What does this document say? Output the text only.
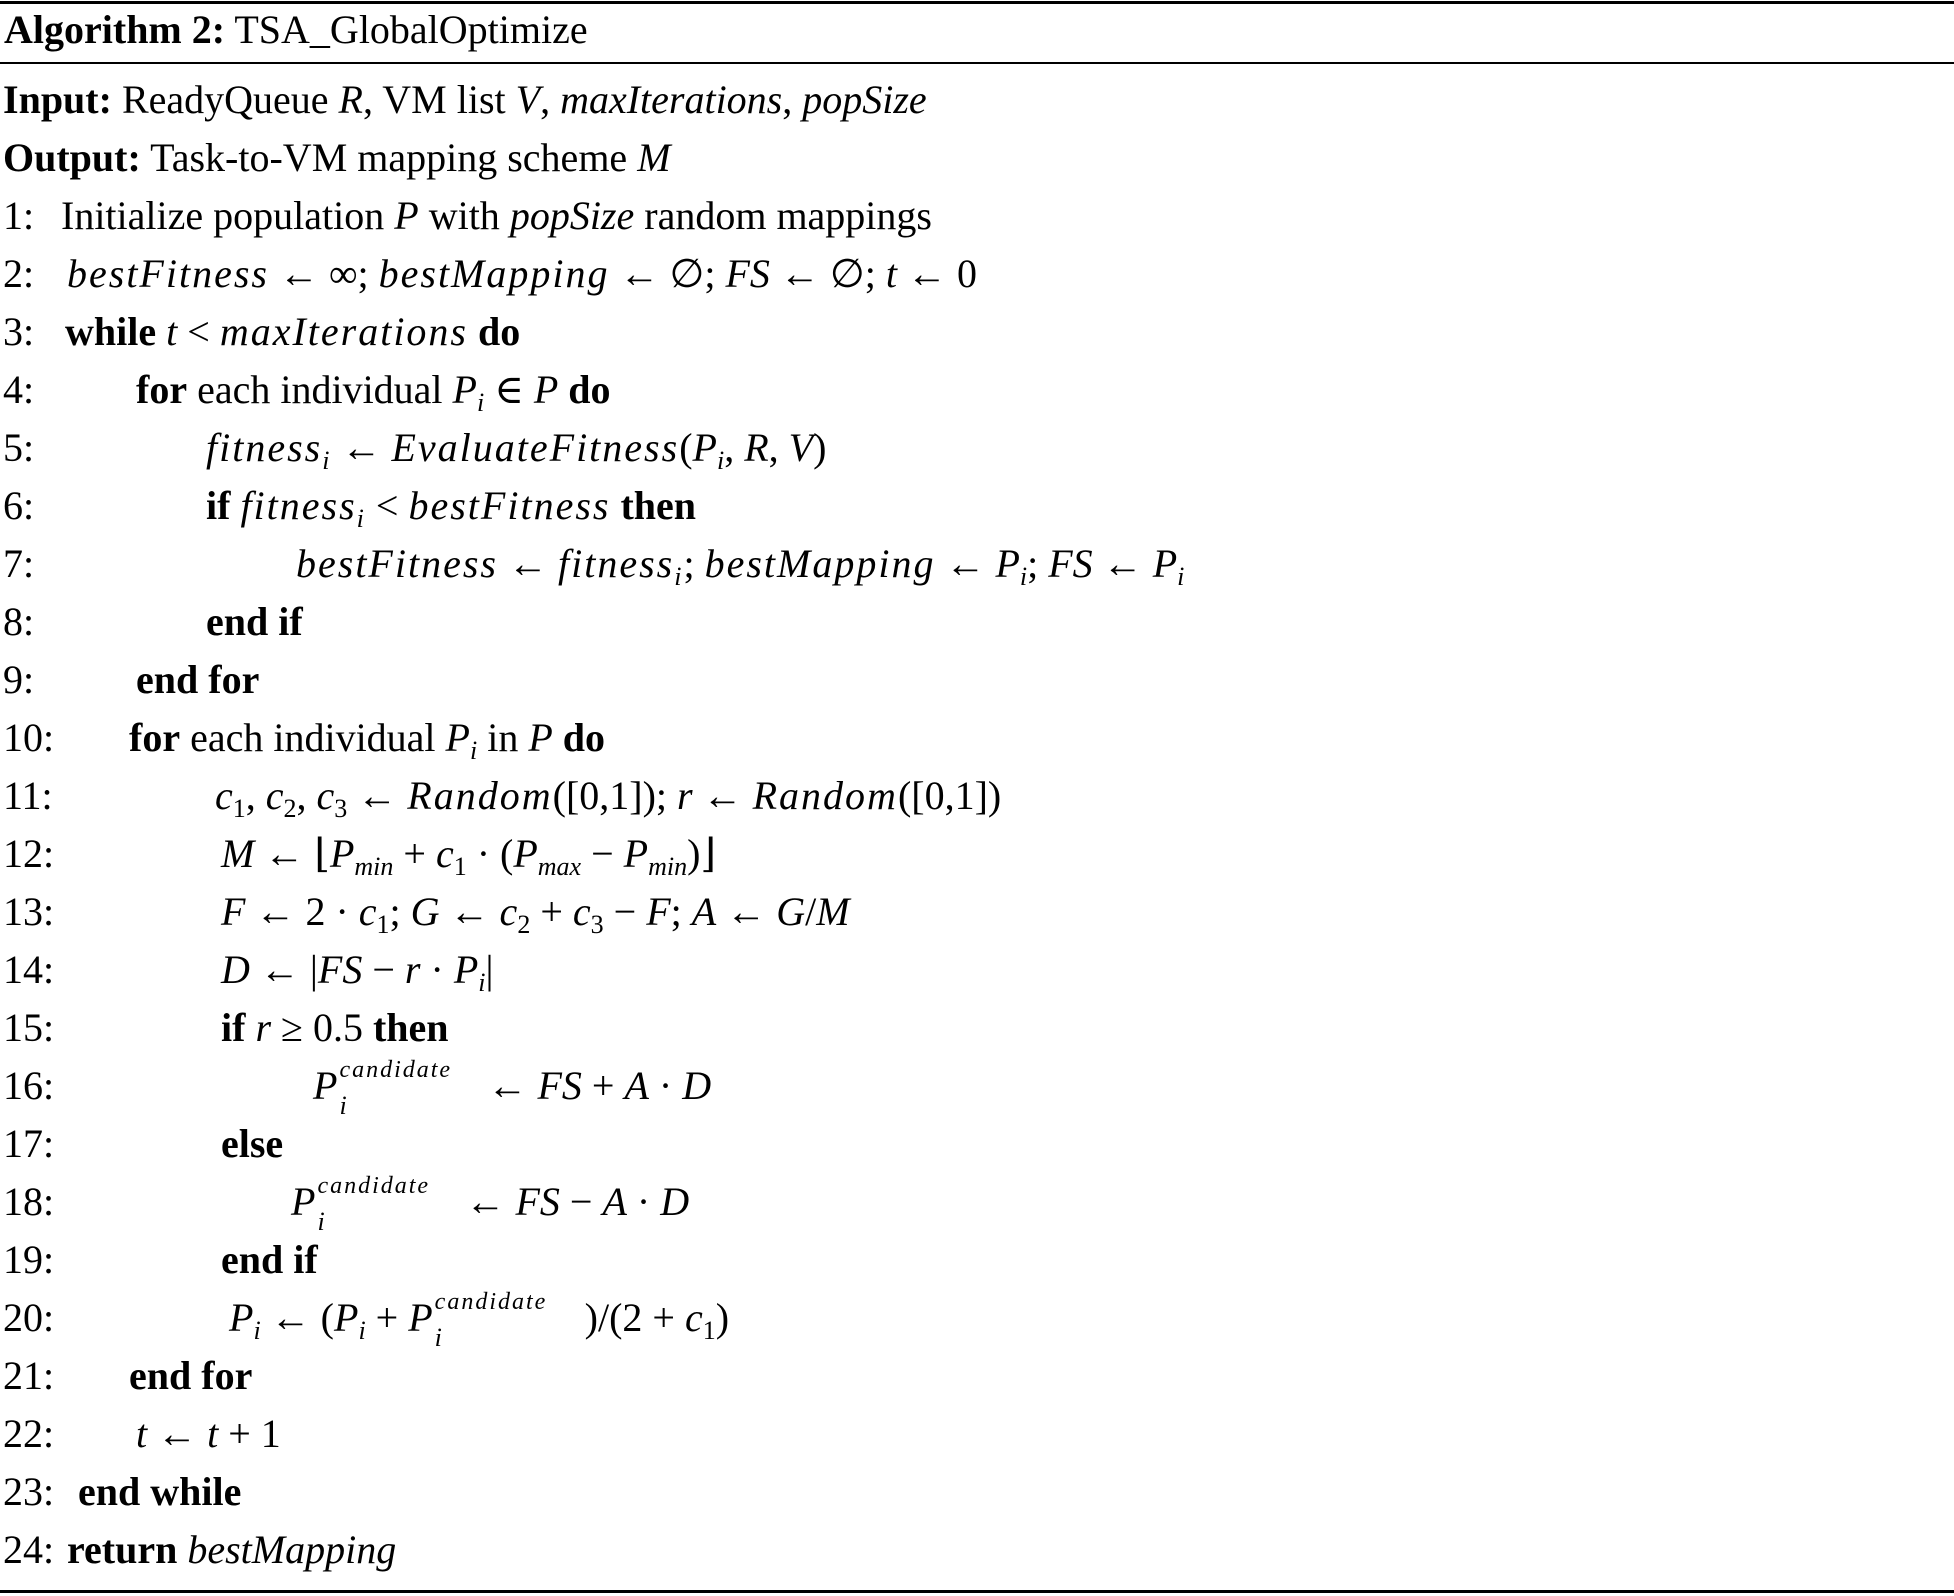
Algorithm 2: TSA_GlobalOptimize
Input: ReadyQueue R, VM list V, maxIterations, popSize
Output: Task-to-VM mapping scheme M
1: Initialize population P with popSize random mappings
2: bestFitness ← ∞; bestMapping ← ∅; FS ← ∅; t ← 0
3: while t < maxIterations do
4:	for each individual $P_i$ ∈ P do
5:	fitness$_i$ ← $EvaluateFitness(P_i$, R, V)
6:	if fitness$_i$ < bestFitness then
7:	bestFitness ← fitness$_i$; bestMapping ← $P_i$; FS ← $P_i$
8:	end if
9:	end for
10: for each individual $P_i$ in P do
11:	$c_1$, $c_2$, $c_3$ ← Random([0,1]); r ← Random([0,1])
12:	M ← $⌊P_{min} + c_1 \cdot (P_{max}$ − $P_{min})⌋$
13:	F ← $2 \cdot c_1$; G ← $c_2 + c_3 - F$; A ← G/M
14:	D ← $|FS - r \cdot P_i|$
15:	if r ≥ 0.5 then
16:	P candidate
i	← FS + A · D
17:	else
18:	P candidate
i	← FS − A · D
19:	end if
20:	$P_i$ ← ($P_i + P$ candidate
i	)$/(2 + c_1)$
21: end for
22: t ← t + 1
23: end while
24: return bestMapping
